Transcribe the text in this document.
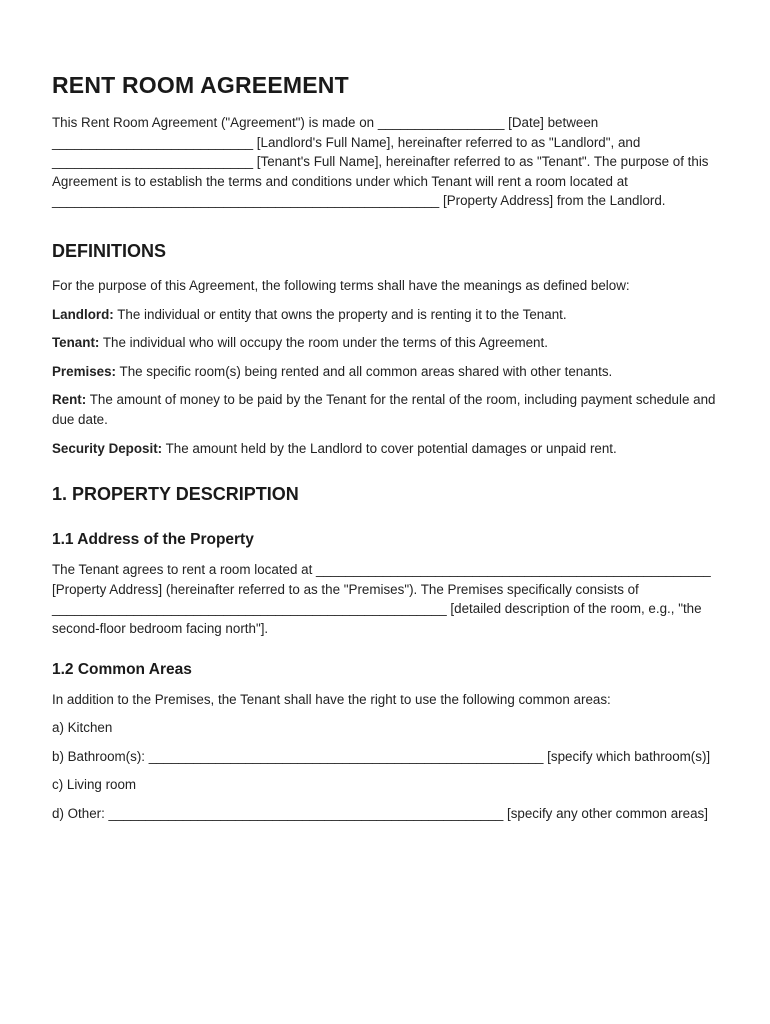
RENT ROOM AGREEMENT

This Rent Room Agreement ("Agreement") is made on _________________ [Date] between ___________________________ [Landlord's Full Name], hereinafter referred to as "Landlord", and ___________________________ [Tenant's Full Name], hereinafter referred to as "Tenant". The purpose of this Agreement is to establish the terms and conditions under which Tenant will rent a room located at ____________________________________________________ [Property Address] from the Landlord.

DEFINITIONS

For the purpose of this Agreement, the following terms shall have the meanings as defined below:

Landlord: The individual or entity that owns the property and is renting it to the Tenant.

Tenant: The individual who will occupy the room under the terms of this Agreement.

Premises: The specific room(s) being rented and all common areas shared with other tenants.

Rent: The amount of money to be paid by the Tenant for the rental of the room, including payment schedule and due date.

Security Deposit: The amount held by the Landlord to cover potential damages or unpaid rent.

1. PROPERTY DESCRIPTION
1.1 Address of the Property

The Tenant agrees to rent a room located at _____________________________________________________ [Property Address] (hereinafter referred to as the "Premises"). The Premises specifically consists of _____________________________________________________ [detailed description of the room, e.g., "the second-floor bedroom facing north"].

1.2 Common Areas

In addition to the Premises, the Tenant shall have the right to use the following common areas:

a) Kitchen

b) Bathroom(s): _____________________________________________________ [specify which bathroom(s)]

c) Living room

d) Other: _____________________________________________________ [specify any other common areas]
